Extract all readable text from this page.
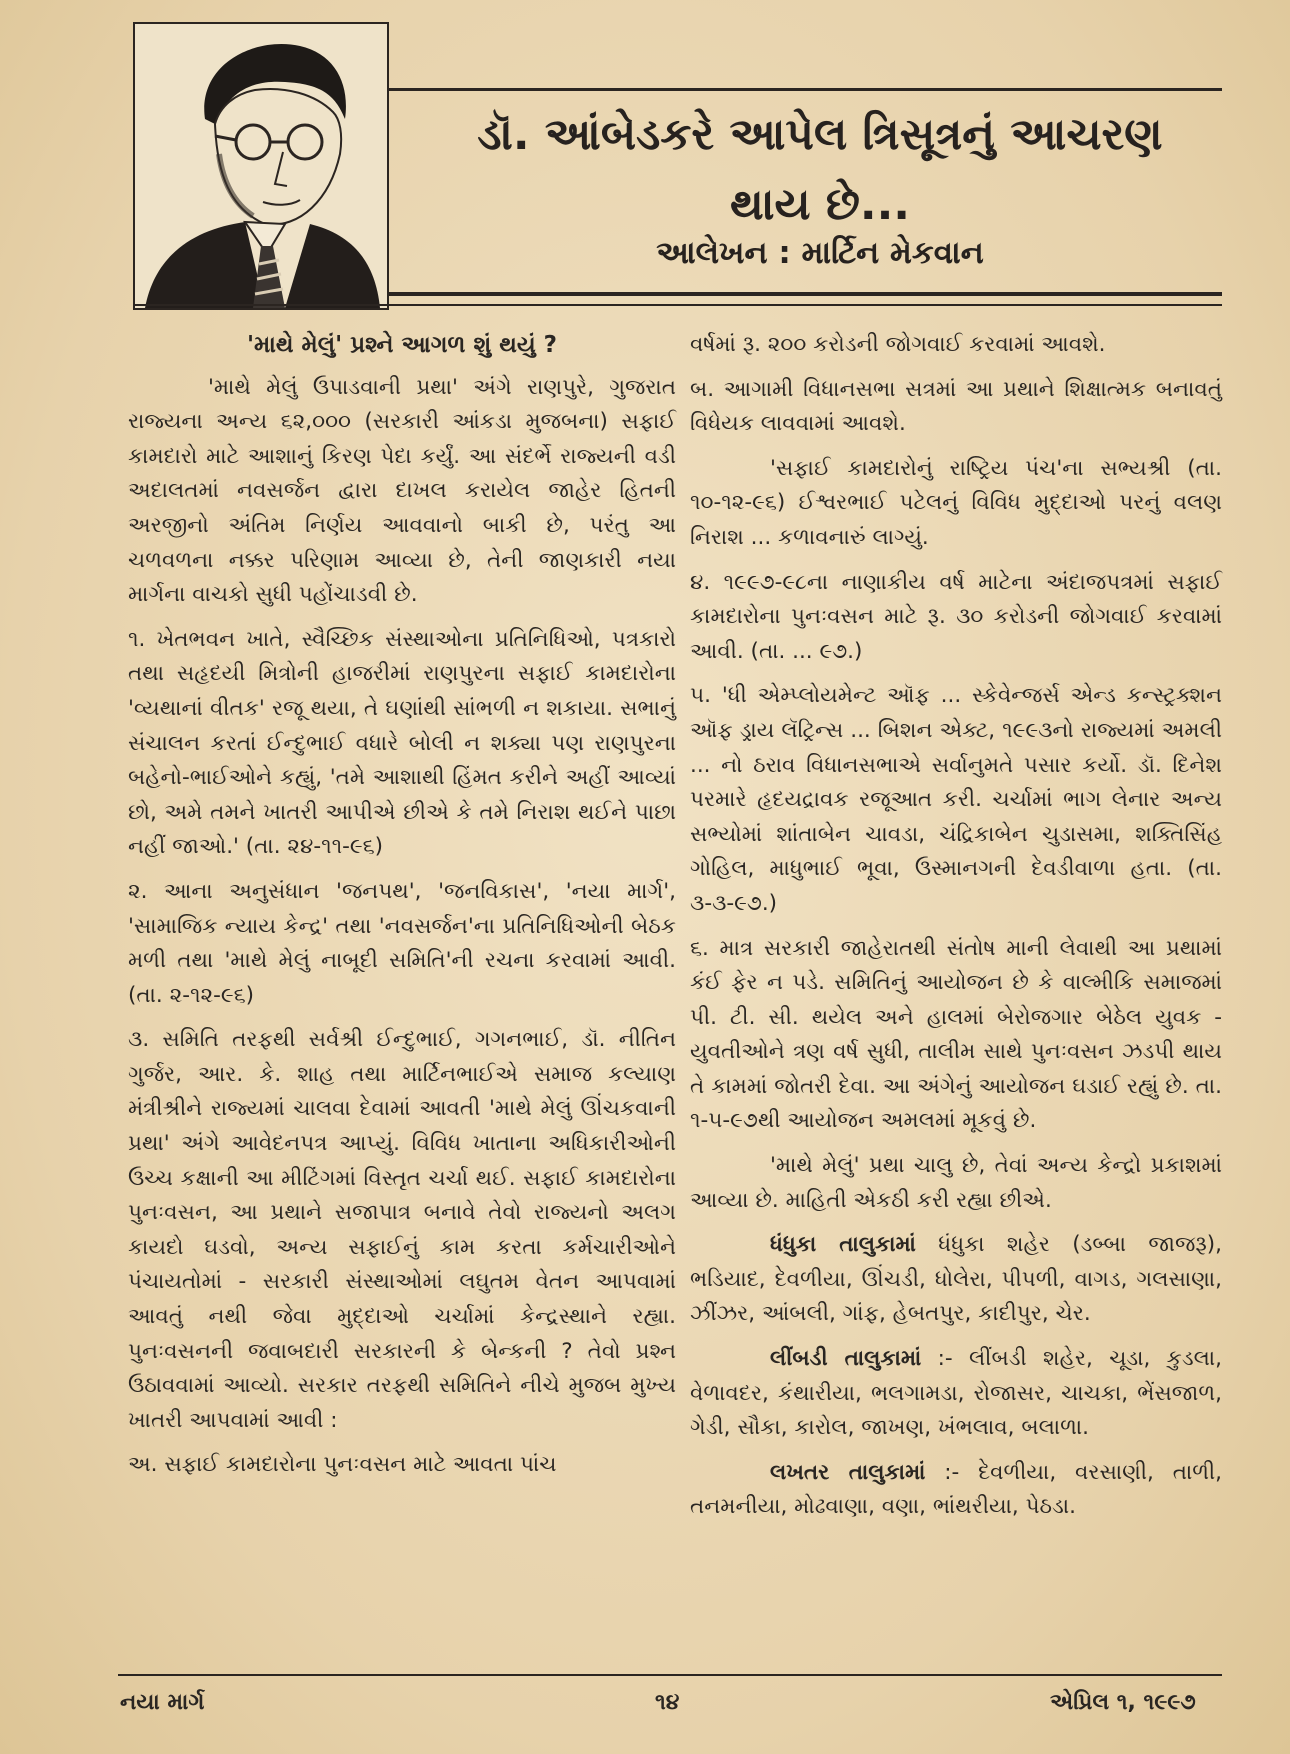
ડૉ. આંબેડકરે આપેલ ત્રિસૂત્રનું આચરણ
થાય છે...
આલેખન : માર્ટિન મેકવાન
'માથે મેલું' પ્રશ્ને આગળ શું થયું ?

'માથે મેલું ઉપાડવાની પ્રથા' અંગે રાણપુરે, ગુજરાત રાજ્યના અન્ય ૬૨,૦૦૦ (સરકારી આંકડા મુજબના) સફાઈ કામદારો માટે આશાનું કિરણ પેદા કર્યું. આ સંદર્ભે રાજ્યની વડી અદાલતમાં નવસર્જન દ્વારા દાખલ કરાયેલ જાહેર હિતની અરજીનો અંતિમ નિર્ણય આવવાનો બાકી છે, પરંતુ આ ચળવળના નક્કર પરિણામ આવ્યા છે, તેની જાણકારી નયા માર્ગના વાચકો સુધી પહોંચાડવી છે.

૧. ખેતભવન ખાતે, સ્વૈચ્છિક સંસ્થાઓના પ્રતિનિધિઓ, પત્રકારો તથા સહૃદયી મિત્રોની હાજરીમાં રાણપુરના સફાઈ કામદારોના 'વ્યથાનાં વીતક' રજૂ થયા, તે ઘણાંથી સાંભળી ન શકાયા. સભાનું સંચાલન કરતાં ઈન્દુભાઈ વધારે બોલી ન શક્યા પણ રાણપુરના બહેનો-ભાઈઓને કહ્યું, 'તમે આશાથી હિંમત કરીને અહીં આવ્યાં છો, અમે તમને ખાતરી આપીએ છીએ કે તમે નિરાશ થઈને પાછા નહીં જાઓ.' (તા. ૨૪-૧૧-૯૬)

૨. આના અનુસંધાન 'જનપથ', 'જનવિકાસ', 'નયા માર્ગ', 'સામાજિક ન્યાય કેન્દ્ર' તથા 'નવસર્જન'ના પ્રતિનિધિઓની બેઠક મળી તથા 'માથે મેલું નાબૂદી સમિતિ'ની રચના કરવામાં આવી. (તા. ૨-૧૨-૯૬)

૩. સમિતિ તરફથી સર્વશ્રી ઈન્દુભાઈ, ગગનભાઈ, ડૉ. નીતિન ગુર્જર, આર. કે. શાહ તથા માર્ટિનભાઈએ સમાજ કલ્યાણ મંત્રીશ્રીને રાજ્યમાં ચાલવા દેવામાં આવતી 'માથે મેલું ઊંચકવાની પ્રથા' અંગે આવેદનપત્ર આપ્યું. વિવિધ ખાતાના અધિકારીઓની ઉચ્ચ કક્ષાની આ મીટિંગમાં વિસ્તૃત ચર્ચા થઈ. સફાઈ કામદારોના પુનઃવસન, આ પ્રથાને સજાપાત્ર બનાવે તેવો રાજ્યનો અલગ કાયદો ઘડવો, અન્ય સફાઈનું કામ કરતા કર્મચારીઓને પંચાયતોમાં - સરકારી સંસ્થાઓમાં લઘુતમ વેતન આપવામાં આવતું નથી જેવા મુદ્દાઓ ચર્ચામાં કેન્દ્રસ્થાને રહ્યા. પુનઃવસનની જવાબદારી સરકારની કે બેન્કની ? તેવો પ્રશ્ન ઉઠાવવામાં આવ્યો. સરકાર તરફથી સમિતિને નીચે મુજબ મુખ્ય ખાતરી આપવામાં આવી :

અ. સફાઈ કામદારોના પુનઃવસન માટે આવતા પાંચ

વર્ષમાં રૂ. ૨૦૦ કરોડની જોગવાઈ કરવામાં આવશે.

બ. આગામી વિધાનસભા સત્રમાં આ પ્રથાને શિક્ષાત્મક બનાવતું વિધેયક લાવવામાં આવશે.

'સફાઈ કામદારોનું રાષ્ટ્રિય પંચ'ના સભ્યશ્રી (તા. ૧૦-૧૨-૯૬) ઈશ્વરભાઈ પટેલનું વિવિધ મુદ્દાઓ પરનું વલણ નિરાશ ... કળાવનારું લાગ્યું.

૪. ૧૯૯૭-૯૮ના નાણાકીય વર્ષ માટેના અંદાજપત્રમાં સફાઈ કામદારોના પુનઃવસન માટે રૂ. ૩૦ કરોડની જોગવાઈ કરવામાં આવી. (તા. ... ૯૭.)

૫. 'ધી એમ્પ્લોયમેન્ટ ઑફ ... સ્કેવેન્જર્સ એન્ડ કન્સ્ટ્રક્શન ઑફ ડ્રાય લૅટ્રિન્સ ... બિશન એક્ટ, ૧૯૯૩નો રાજ્યમાં અમલી ... નો ઠરાવ વિધાનસભાએ સર્વાનુમતે પસાર કર્યો. ડૉ. દિનેશ પરમારે હૃદયદ્રાવક રજૂઆત કરી. ચર્ચામાં ભાગ લેનાર અન્ય સભ્યોમાં શાંતાબેન ચાવડા, ચંદ્રિકાબેન ચુડાસમા, શક્તિસિંહ ગોહિલ, માધુભાઈ ભૂવા, ઉસ્માનગની દેવડીવાળા હતા. (તા. ૩-૩-૯૭.)

૬. માત્ર સરકારી જાહેરાતથી સંતોષ માની લેવાથી આ પ્રથામાં કંઈ ફેર ન પડે. સમિતિનું આયોજન છે કે વાલ્મીકિ સમાજમાં પી. ટી. સી. થયેલ અને હાલમાં બેરોજગાર બેઠેલ યુવક - યુવતીઓને ત્રણ વર્ષ સુધી, તાલીમ સાથે પુનઃવસન ઝડપી થાય તે કામમાં જોતરી દેવા. આ અંગેનું આયોજન ઘડાઈ રહ્યું છે. તા. ૧-૫-૯૭થી આયોજન અમલમાં મૂકવું છે.

'માથે મેલું' પ્રથા ચાલુ છે, તેવાં અન્ય કેન્દ્રો પ્રકાશમાં આવ્યા છે. માહિતી એકઠી કરી રહ્યા છીએ.

ધંધુકા તાલુકામાં ધંધુકા શહેર (ડબ્બા જાજરૂ), ભડિયાદ, દેવળીયા, ઊંચડી, ધોલેરા, પીપળી, વાગડ, ગલસાણા, ઝીંઝર, આંબલી, ગાંફ, હેબતપુર, કાદીપુર, ચેર.

લીંબડી તાલુકામાં :- લીંબડી શહેર, ચૂડા, કુડલા, વેળાવદર, કંથારીયા, ભલગામડા, રોજાસર, ચાચકા, ભેંસજાળ, ગેડી, સૌકા, કારોલ, જાખણ, ખંભલાવ, બલાળા.

લખતર તાલુકામાં :- દેવળીયા, વરસાણી, તાળી, તનમનીયા, મોઢવાણા, વણા, ભાંથરીયા, પેઠડા.

નયા માર્ગ	૧૪	એપ્રિલ ૧, ૧૯૯૭
